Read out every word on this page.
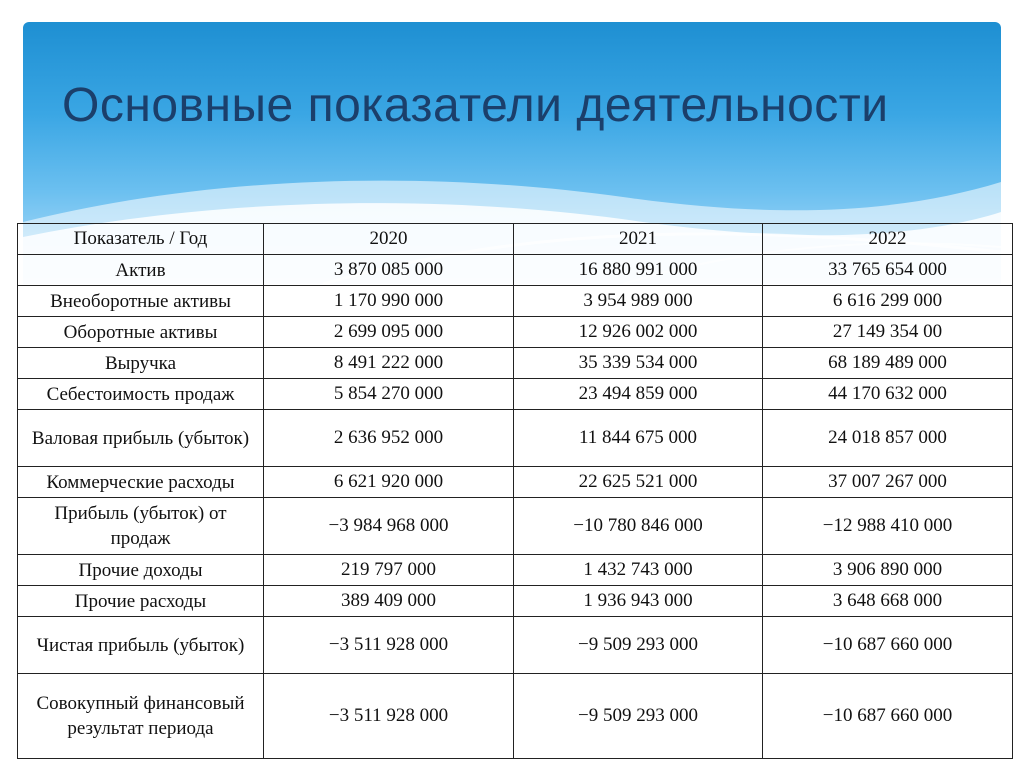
Основные показатели деятельности
Показатель / Год	2020	2021	2022
Актив	3 870 085 000	16 880 991 000	33 765 654 000
Внеоборотные активы	1 170 990 000	3 954 989 000	6 616 299 000
Оборотные активы	2 699 095 000	12 926 002 000	27 149 354 00
Выручка	8 491 222 000	35 339 534 000	68 189 489 000
Себестоимость продаж	5 854 270 000	23 494 859 000	44 170 632 000
Валовая прибыль (убыток)	2 636 952 000	11 844 675 000	24 018 857 000
Коммерческие расходы	6 621 920 000	22 625 521 000	37 007 267 000
Прибыль (убыток) от продаж	−3 984 968 000	−10 780 846 000	−12 988 410 000
Прочие доходы	219 797 000	1 432 743 000	3 906 890 000
Прочие расходы	389 409 000	1 936 943 000	3 648 668 000
Чистая прибыль (убыток)	−3 511 928 000	−9 509 293 000	−10 687 660 000
Совокупный финансовый результат периода	−3 511 928 000	−9 509 293 000	−10 687 660 000
